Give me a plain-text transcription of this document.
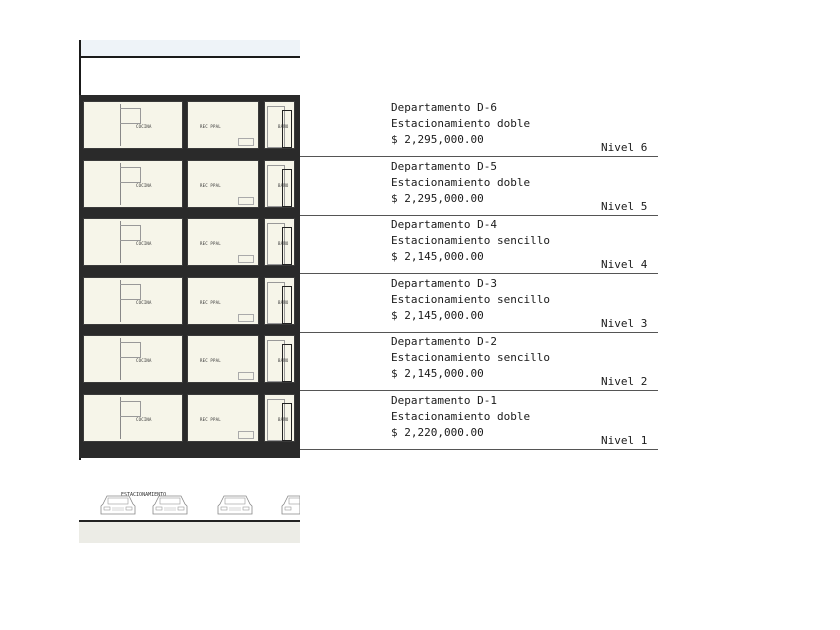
COCINA	REC PPAL	BAÑO
COCINA	REC PPAL	BAÑO
COCINA	REC PPAL	BAÑO
COCINA	REC PPAL	BAÑO
COCINA	REC PPAL	BAÑO
COCINA	REC PPAL	BAÑO
Departamento D-6
Estacionamiento doble
$ 2,295,000.00
Nivel 6
Departamento D-5
Estacionamiento doble
$ 2,295,000.00
Nivel 5
Departamento D-4
Estacionamiento sencillo
$ 2,145,000.00
Nivel 4
Departamento D-3
Estacionamiento sencillo
$ 2,145,000.00
Nivel 3
Departamento D-2
Estacionamiento sencillo
$ 2,145,000.00
Nivel 2
Departamento D-1
Estacionamiento doble
$ 2,220,000.00
Nivel 1
ESTACIONAMIENTO
